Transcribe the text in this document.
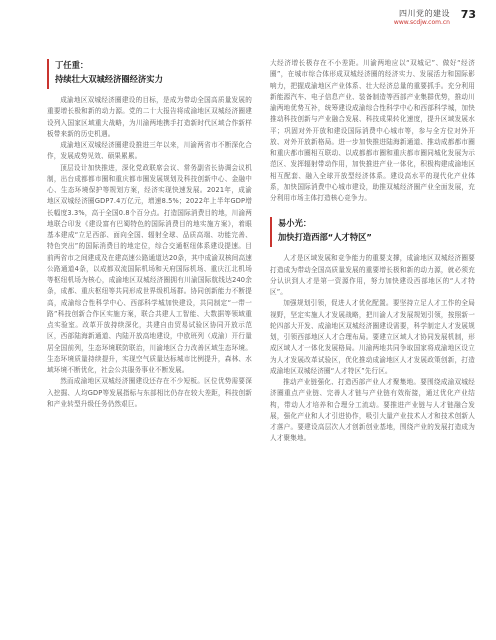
四川党的建设
www.scdjw.com.cn
73
丁任重：
持续壮大双城经济圈经济实力

成渝地区双城经济圈建设的目标，是成为带动全国高质量发展的重要增长极和新的动力源。党的二十大报告将成渝地区双城经济圈建设列入国家区域重大战略，为川渝两地携手打造新时代区域合作新样板带来新的历史机遇。

成渝地区双城经济圈建设推进三年以来，川渝两省市不断深化合作，发展成势见效、硕果累累。

顶层设计加快推进，深化党政联席会议、常务副省长协调会议机制，出台成都都市圈和重庆都市圈发展规划及科技创新中心、金融中心、生态环境保护等规划方案，经济实现快速发展。2021年，成渝地区双城经济圈GDP7.4万亿元，增速8.5%；2022年上半年GDP增长幅度3.3%，高于全国0.8个百分点。打造国际消费目的地，川渝两地联合印发《建设富有巴蜀特色的国际消费目的地实施方案》，着眼基本建成“立足西部、面向全国、辐射全球、品质高端、功能完善、特色突出”的国际消费目的地定位，综合交通枢纽体系建设提速。目前两省市之间建成及在建高速公路通道达20条，其中成渝双核间高速公路通道4条，以成都双流国际机场和天府国际机场、重庆江北机场等枢纽机场为核心，成渝地区双城经济圈拥有川渝国际航线达240余条，成都、重庆枢纽等共同形成世界级机场群。协同创新能力不断提高，成渝综合性科学中心、西部科学城加快建设，共同制定“一带一路”科技创新合作区实施方案，联合共建人工智能、大数据等领域重点实验室。改革开放持续深化，共建自由贸易试验区协同开放示范区，西部陆海新通道、内陆开放高地建设，中欧班列（成渝）开行量居全国前列，生态环境联防联治，川渝地区合力改善区域生态环境。生态环境质量持续提升，实现空气质量达标城市比例提升，森林、水域环境不断优化，社会公共服务事业不断发展。

然而成渝地区双城经济圈建设还存在不少短板。区位优势需要深入挖掘、人均GDP等发展指标与东部相比仍存在较大差距，科技创新和产业转型升级任务仍然艰巨。

大经济增长极存在不小差距。川渝两地应以“双城记”、做好“经济圈”，在城市综合体形成双城经济圈的经济实力、发展活力和国际影响力，把握成渝地区产业体系、壮大经济总量的重要抓手。充分利用新能源汽车、电子信息产业、装备制造等西部产业集群优势，推动川渝两地优势互补，统筹建设成渝综合性科学中心和西部科学城，加快推动科技创新与产业融合发展、科技成果转化速度，提升区域发展水平；巩固对外开放和建设国际消费中心城市等，参与全方位对外开放、对外开放新格局。进一步加快推进陆海新通道、推动成都都市圈和重庆都市圈相互联动、以成都都市圈和重庆都市圈同城化发展为示范区、发挥辐射带动作用，加快推进产业一体化，积极构建成渝地区相互配套、融入全球开放型经济体系。建设高水平的现代化产业体系，加快国际消费中心城市建设，助推双城经济圈产业全面发展，充分利用市场主体打造核心竞争力。

易小光：
加快打造西部“人才特区”

人才是区域发展和竞争能力的重要支撑，成渝地区双城经济圈要打造成为带动全国高质量发展的重要增长极和新的动力源，就必须充分认识到人才是第一资源作用，努力加快建设西部地区的“人才特区”。

加强规划引领，促进人才优化配置。要坚持立足人才工作的全局视野，坚定实施人才发展战略，把川渝人才发展规划引领，按照新一轮四部大开发、成渝地区双城经济圈建设需要，科学制定人才发展规划，引领西部地区人才合理布局。要建立区域人才协同发展机制，形成区域人才一体化发展格局。川渝两地共同争取国家将成渝地区设立为人才发展改革试验区，优化推动成渝地区人才发展政策创新，打造成渝地区双城经济圈“人才特区”先行区。

推动产业链强化、打造西部产业人才聚集地。要围绕成渝双城经济圈重点产业链、完善人才链与产业链有效衔接，通过优化产业结构，带动人才培养和合理分工流动。要推进产业链与人才链融合发展，强化产业和人才引进协作，吸引大量产业技术人才和技术创新人才落户。要建设高层次人才创新创业基地，围绕产业的发展打造成为人才聚集地。
